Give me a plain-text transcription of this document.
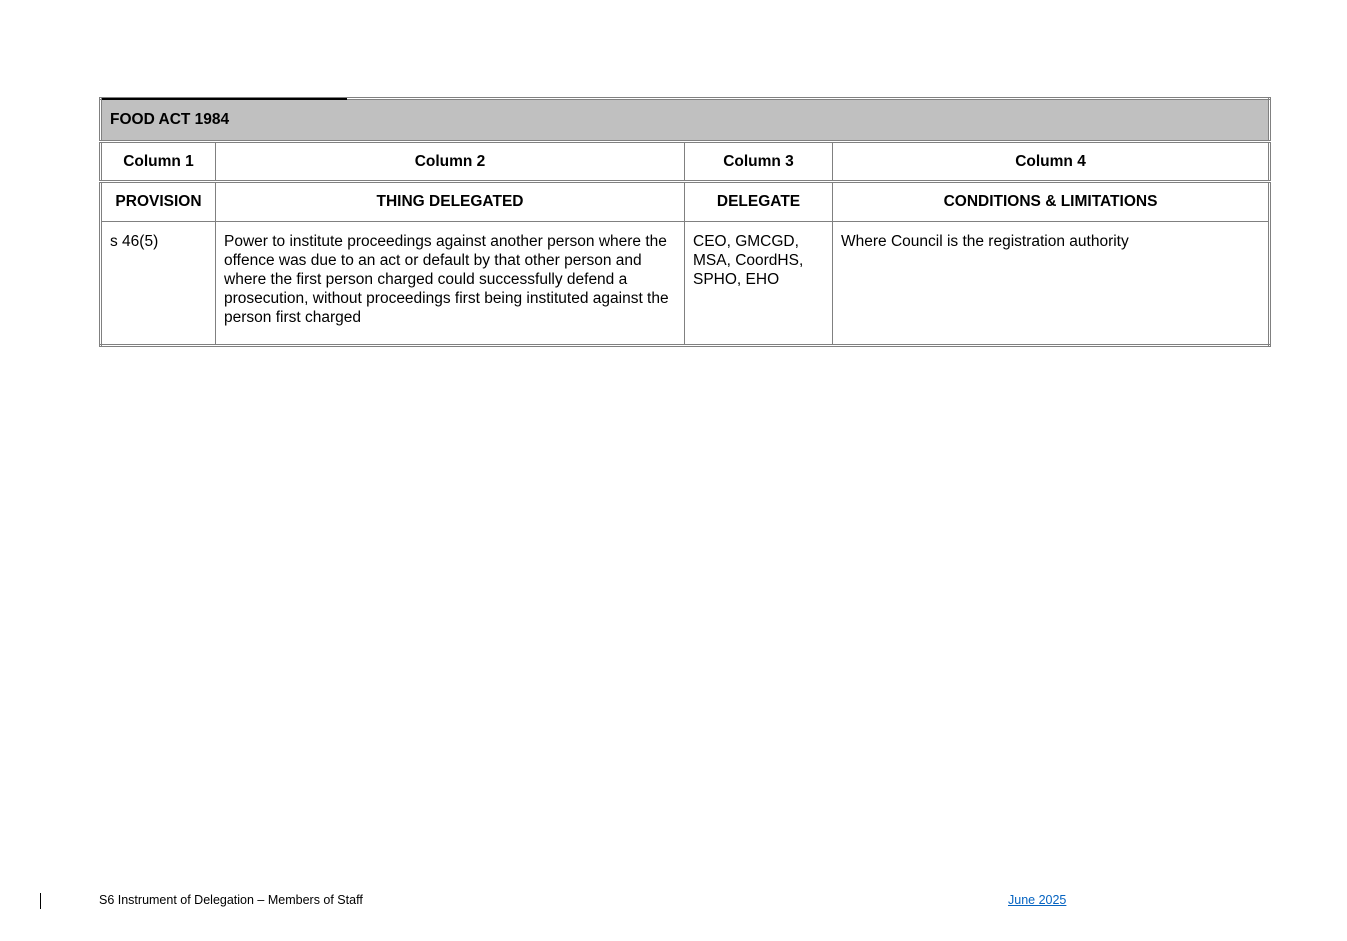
FOOD ACT 1984			
Column 1	Column 2	Column 3	Column 4
PROVISION	THING DELEGATED	DELEGATE	CONDITIONS & LIMITATIONS
s 46(5)	Power to institute proceedings against another person where the offence was due to an act or default by that other person and where the first person charged could successfully defend a prosecution, without proceedings first being instituted against the person first charged	CEO, GMCGD, MSA, CoordHS, SPHO, EHO	Where Council is the registration authority
S6 Instrument of Delegation – Members of Staff	June 2025
